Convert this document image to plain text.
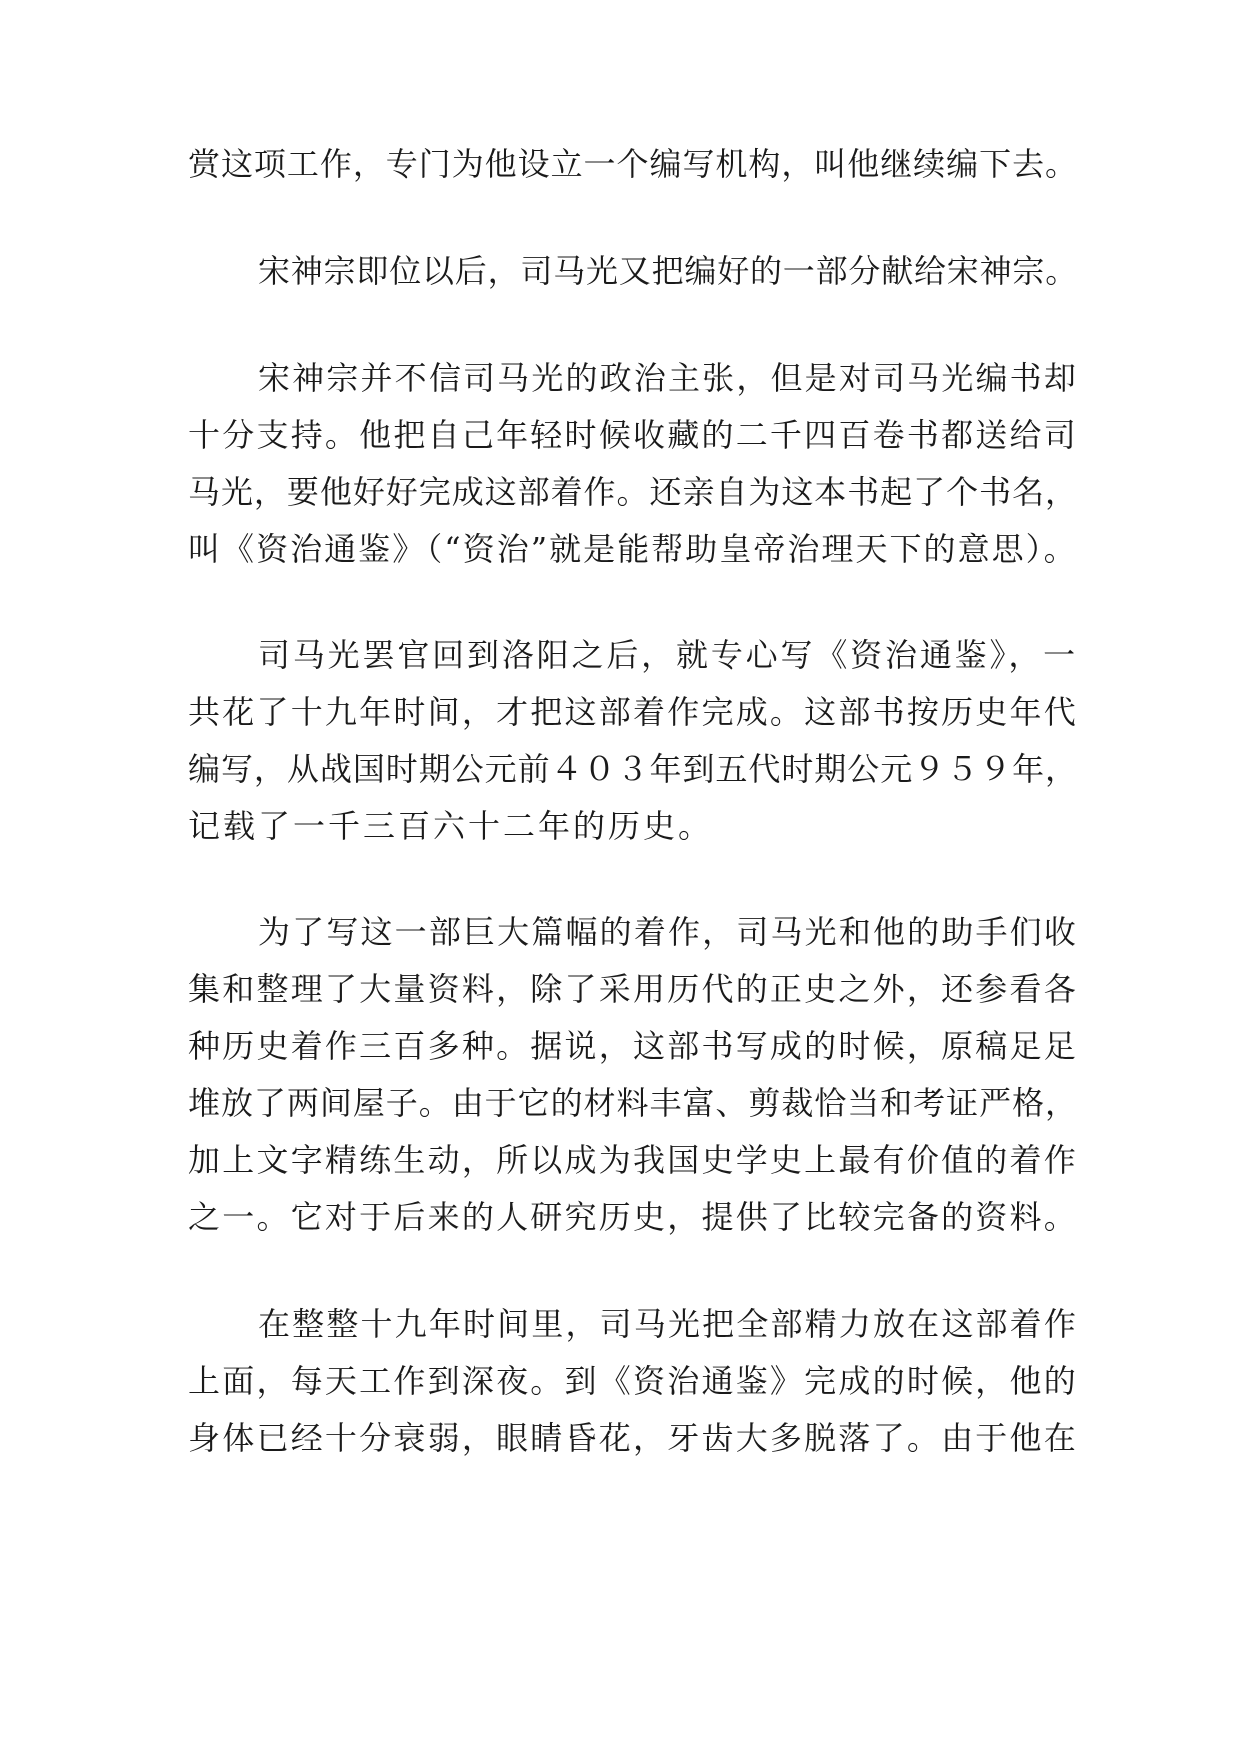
赏这项工作，专门为他设立一个编写机构，叫他继续编下去。
宋神宗即位以后，司马光又把编好的一部分献给宋神宗。
宋神宗并不信司马光的政治主张，但是对司马光编书却
十分支持。他把自己年轻时候收藏的二千四百卷书都送给司
马光，要他好好完成这部着作。还亲自为这本书起了个书名，
叫《资治通鉴》（“资治”就是能帮助皇帝治理天下的意思）。
司马光罢官回到洛阳之后，就专心写《资治通鉴》，一
共花了十九年时间，才把这部着作完成。这部书按历史年代
编写，从战国时期公元前４０３年到五代时期公元９５９年，
记载了一千三百六十二年的历史。
为了写这一部巨大篇幅的着作，司马光和他的助手们收
集和整理了大量资料，除了采用历代的正史之外，还参看各
种历史着作三百多种。据说，这部书写成的时候，原稿足足
堆放了两间屋子。由于它的材料丰富、剪裁恰当和考证严格，
加上文字精练生动，所以成为我国史学史上最有价值的着作
之一。它对于后来的人研究历史，提供了比较完备的资料。
在整整十九年时间里，司马光把全部精力放在这部着作
上面，每天工作到深夜。到《资治通鉴》完成的时候，他的
身体已经十分衰弱，眼睛昏花，牙齿大多脱落了。由于他在
